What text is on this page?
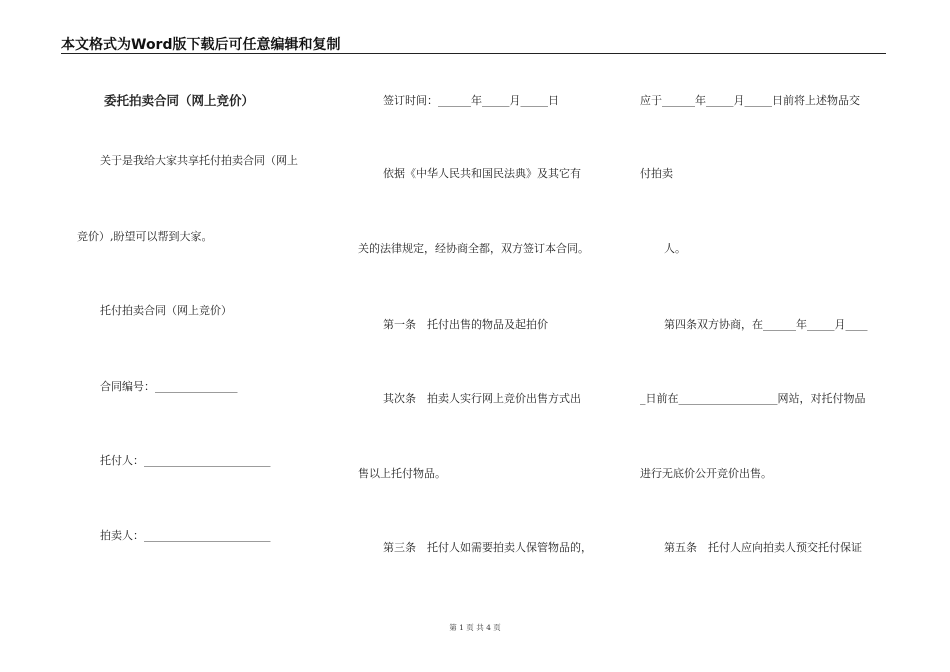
本文格式为Word版下载后可任意编辑和复制
委托拍卖合同（网上竞价）
关于是我给大家共享托付拍卖合同（网上
竞价）,盼望可以帮到大家。
托付拍卖合同（网上竞价）
合同编号：_______________
托付人：_______________________
拍卖人：_______________________
签订时间：______年_____月_____日
依据《中华人民共和国民法典》及其它有
关的法律规定，经协商全都，双方签订本合同。
第一条　托付出售的物品及起拍价
其次条　拍卖人实行网上竞价出售方式出
售以上托付物品。
第三条　托付人如需要拍卖人保管物品的，
应于______年_____月_____日前将上述物品交
付拍卖
人。
第四条双方协商，在______年_____月____
_日前在__________________网站，对托付物品
进行无底价公开竞价出售。
第五条　托付人应向拍卖人预交托付保证
第 1 页 共 4 页
